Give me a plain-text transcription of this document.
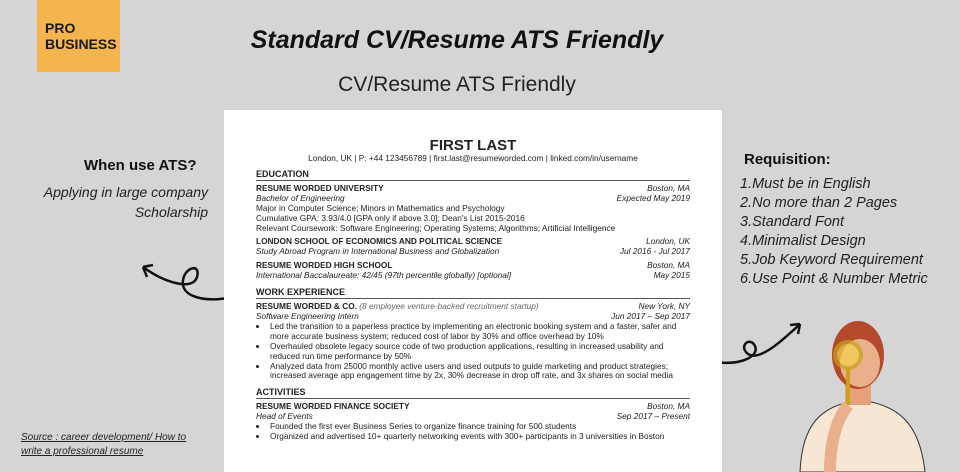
PRO
BUSINESS	Standard CV/Resume ATS Friendly
CV/Resume ATS Friendly
When use ATS?
Applying in large company
Scholarship
Requisition:
1.Must be in English
2.No more than 2 Pages
3.Standard Font
4.Minimalist Design
5.Job Keyword Requirement
6.Use Point & Number Metric
Source : career development/ How to
write a professional resume
FIRST LAST
London, UK | P: +44 123456789 | first.last@resumeworded.com | linked.com/in/username
EDUCATION
RESUME WORDED UNIVERSITY	Boston, MA
Bachelor of Engineering	Expected May 2019
Major in Computer Science; Minors in Mathematics and Psychology
Cumulative GPA: 3.93/4.0 [GPA only if above 3.0]; Dean's List 2015-2016
Relevant Coursework: Software Engineering; Operating Systems; Algorithms; Artificial Intelligence
LONDON SCHOOL OF ECONOMICS AND POLITICAL SCIENCE	London, UK
Study Abroad Program in International Business and Globalization	Jul 2016 - Jul 2017
RESUME WORDED HIGH SCHOOL	Boston, MA
International Baccalaureate: 42/45 (97th percentile globally) [optional]	May 2015
WORK EXPERIENCE
RESUME WORDED & CO. (8 employee venture-backed recruitment startup)	New York, NY
Software Engineering Intern	Jun 2017 – Sep 2017
• Led the transition to a paperless practice by implementing an electronic booking system and a faster, safer and more accurate business system; reduced cost of labor by 30% and office overhead by 10%
• Overhauled obsolete legacy source code of two production applications, resulting in increased usability and reduced run time performance by 50%
• Analyzed data from 25000 monthly active users and used outputs to guide marketing and product strategies; increased average app engagement time by 2x, 30% decrease in drop off rate, and 3x shares on social media
ACTIVITIES
RESUME WORDED FINANCE SOCIETY	Boston, MA
Head of Events	Sep 2017 – Present
• Founded the first ever Business Series to organize finance training for 500 students
• Organized and advertised 10+ quarterly networking events with 300+ participants in 3 universities in Boston
